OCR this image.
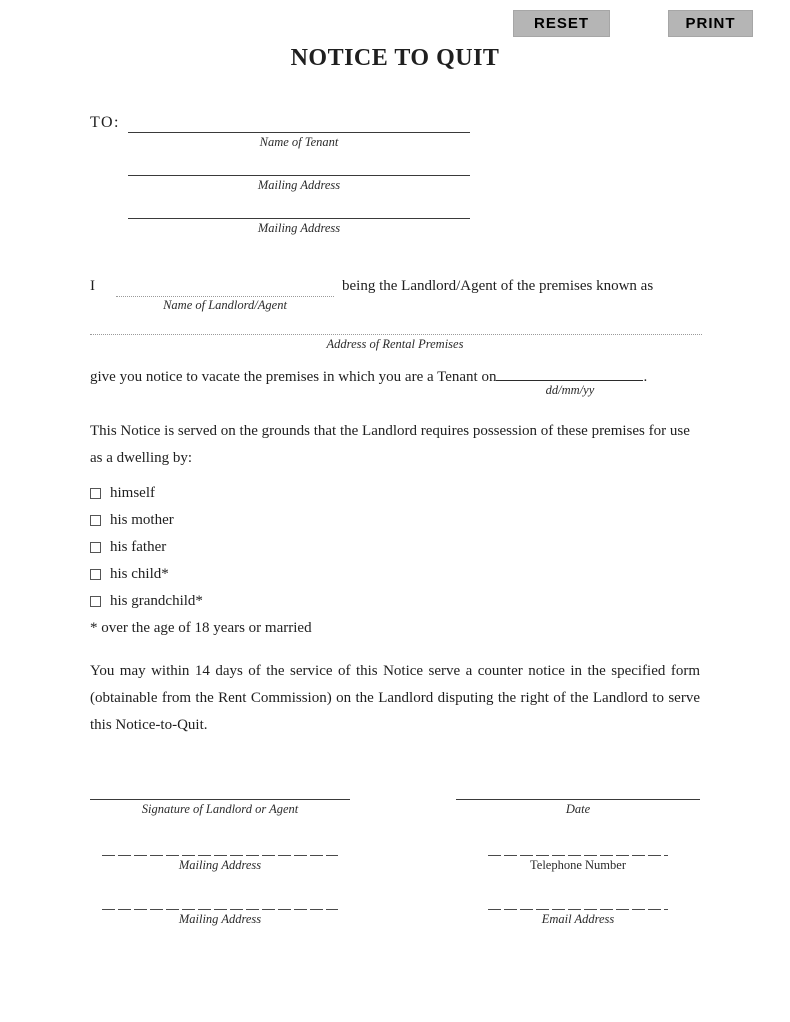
RESET	PRINT
NOTICE TO QUIT
TO:
Name of Tenant
Mailing Address
Mailing Address
I
Name of Landlord/Agent
being the Landlord/Agent of the premises known as
Address of Rental Premises
give you notice to vacate the premises in which you are a Tenant on
dd/mm/yy
.

This Notice is served on the grounds that the Landlord requires possession of these premises for use as a dwelling by:

himself
his mother
his father
his child*
his grandchild*
* over the age of 18 years or married

You may within 14 days of the service of this Notice serve a counter notice in the specified form (obtainable from the Rent Commission) on the Landlord disputing the right of the Landlord to serve this Notice-to-Quit.

Signature of Landlord or Agent	Date
Mailing Address	Telephone Number
Mailing Address	Email Address
